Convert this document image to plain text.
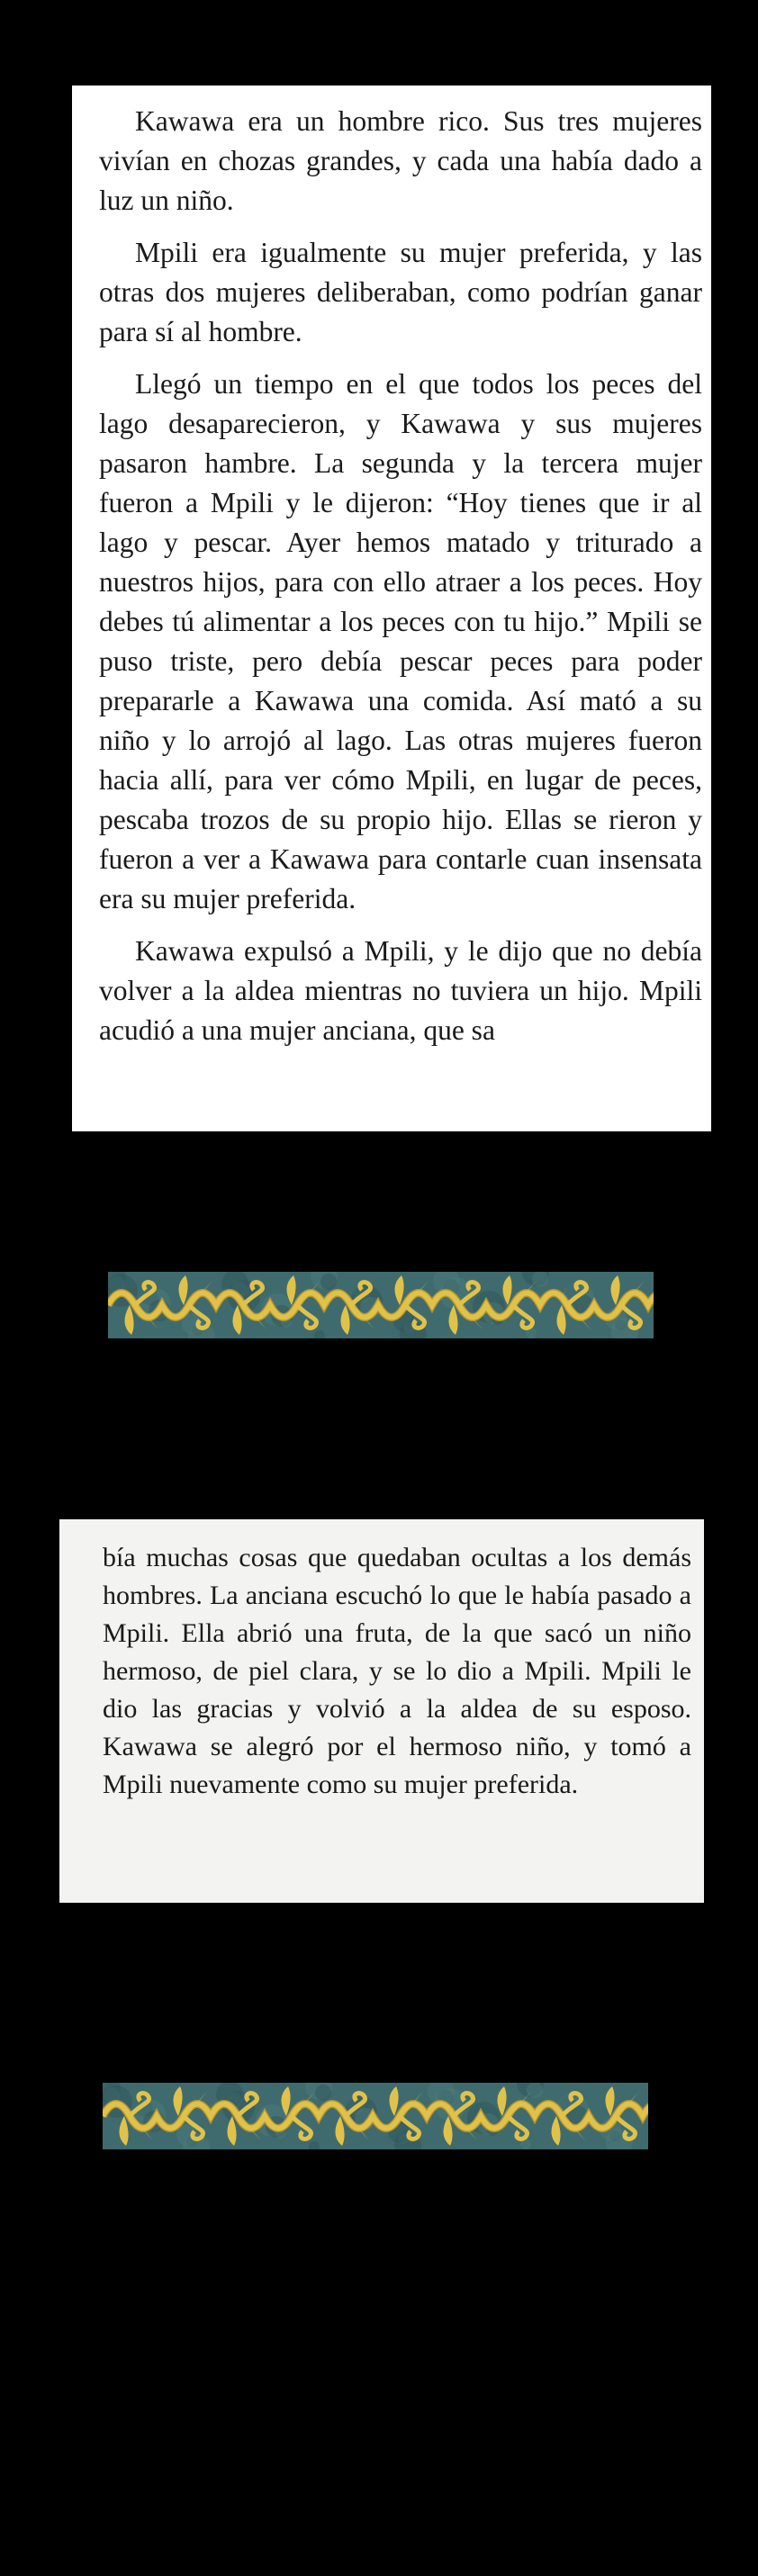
Kawawa era un hombre rico. Sus tres mujeres vivían en chozas grandes, y cada una había dado a luz un niño.

Mpili era igualmente su mujer preferida, y las otras dos mujeres deliberaban, como podrían ganar para sí al hombre.

Llegó un tiempo en el que todos los peces del lago desaparecieron, y Kawawa y sus mujeres pasaron hambre. La segunda y la tercera mujer fueron a Mpili y le dijeron: “Hoy tienes que ir al lago y pescar. Ayer hemos matado y triturado a nuestros hijos, para con ello atraer a los peces. Hoy debes tú alimentar a los peces con tu hijo.” Mpili se puso triste, pero debía pescar peces para poder prepararle a Kawawa una comida. Así mató a su niño y lo arrojó al lago. Las otras mujeres fueron hacia allí, para ver cómo Mpili, en lugar de peces, pescaba trozos de su propio hijo. Ellas se rieron y fueron a ver a Kawawa para contarle cuan insensata era su mujer preferida.

Kawawa expulsó a Mpili, y le dijo que no debía volver a la aldea mientras no tuviera un hijo. Mpili acudió a una mujer anciana, que sa

bía muchas cosas que quedaban ocultas a los demás hombres. La anciana escuchó lo que le había pasado a Mpili. Ella abrió una fruta, de la que sacó un niño hermoso, de piel clara, y se lo dio a Mpili. Mpili le dio las gracias y volvió a la aldea de su esposo. Kawawa se alegró por el hermoso niño, y tomó a Mpili nuevamente como su mujer preferida.
